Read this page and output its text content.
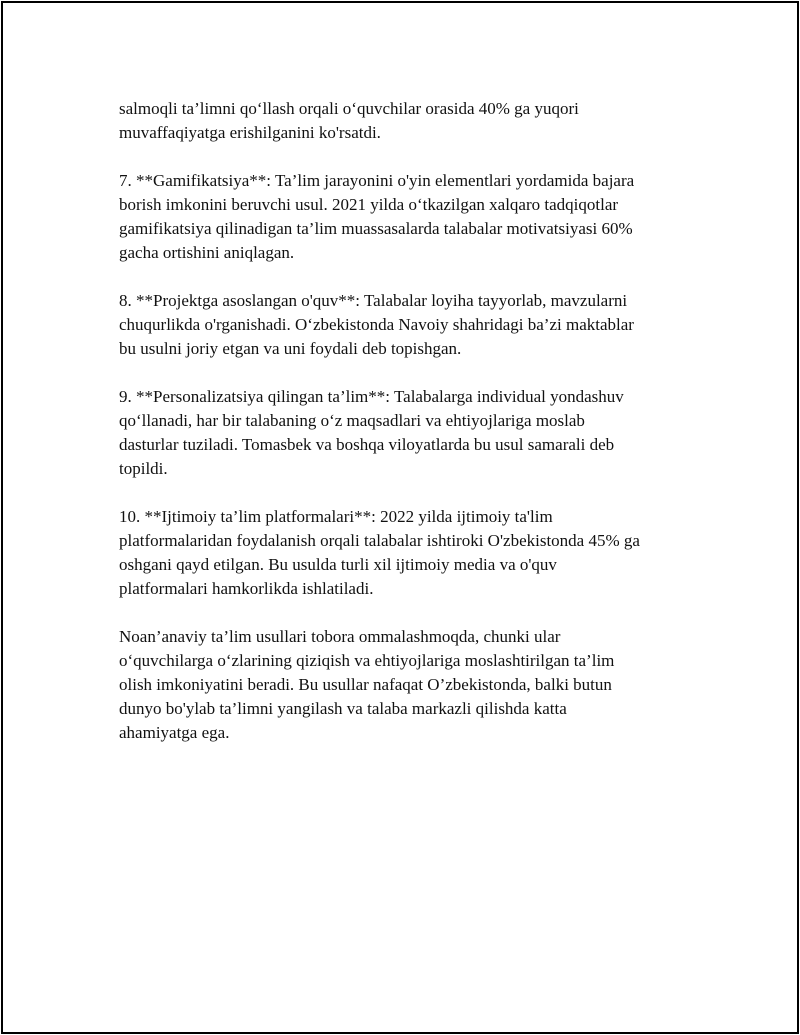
salmoqli ta’limni qo‘llash orqali o‘quvchilar orasida 40% ga yuqori
muvaffaqiyatga erishilganini ko'rsatdi.
7. **Gamifikatsiya**: Ta’lim jarayonini o'yin elementlari yordamida bajara
borish imkonini beruvchi usul. 2021 yilda o‘tkazilgan xalqaro tadqiqotlar
gamifikatsiya qilinadigan ta’lim muassasalarda talabalar motivatsiyasi 60%
gacha ortishini aniqlagan.
8. **Projektga asoslangan o'quv**: Talabalar loyiha tayyorlab, mavzularni
chuqurlikda o'rganishadi. O‘zbekistonda Navoiy shahridagi ba’zi maktablar
bu usulni joriy etgan va uni foydali deb topishgan.
9. **Personalizatsiya qilingan ta’lim**: Talabalarga individual yondashuv
qo‘llanadi, har bir talabaning o‘z maqsadlari va ehtiyojlariga moslab
dasturlar tuziladi. Tomasbek va boshqa viloyatlarda bu usul samarali deb
topildi.
10. **Ijtimoiy ta’lim platformalari**: 2022 yilda ijtimoiy ta'lim
platformalaridan foydalanish orqali talabalar ishtiroki O'zbekistonda 45% ga
oshgani qayd etilgan. Bu usulda turli xil ijtimoiy media va o'quv
platformalari hamkorlikda ishlatiladi.
Noan’anaviy ta’lim usullari tobora ommalashmoqda, chunki ular
o‘quvchilarga o‘zlarining qiziqish va ehtiyojlariga moslashtirilgan ta’lim
olish imkoniyatini beradi. Bu usullar nafaqat O’zbekistonda, balki butun
dunyo bo'ylab ta’limni yangilash va talaba markazli qilishda katta
ahamiyatga ega.
